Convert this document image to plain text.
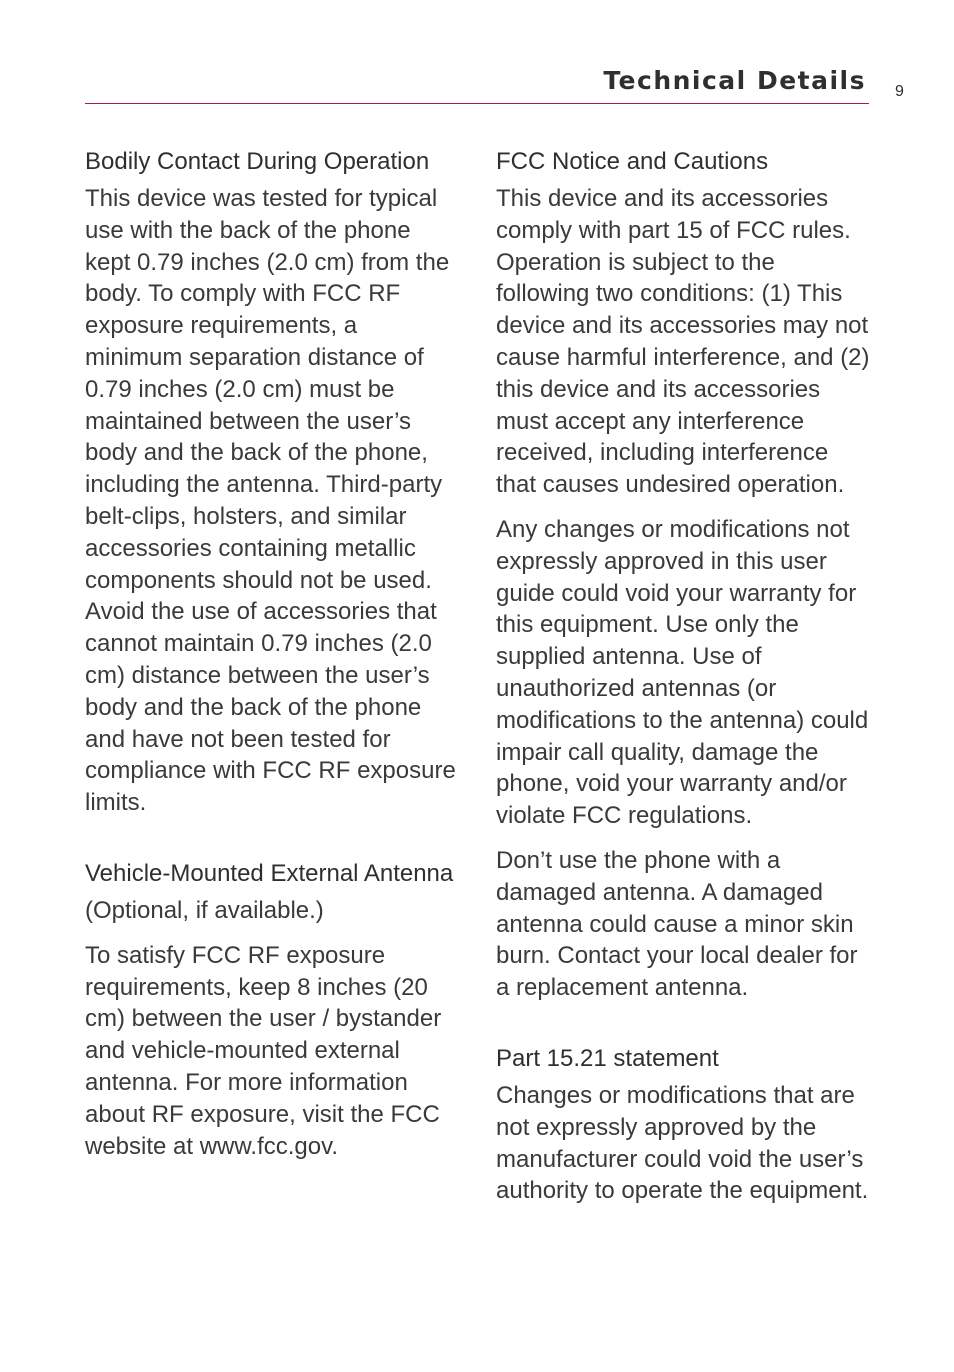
Technical Details 9
Bodily Contact During Operation

This device was tested for typical use with the back of the phone kept 0.79 inches (2.0 cm) from the body. To comply with FCC RF exposure requirements, a minimum separation distance of 0.79 inches (2.0 cm) must be maintained between the user’s body and the back of the phone, including the antenna. Third-party belt-clips, holsters, and similar accessories containing metallic components should not be used. Avoid the use of accessories that cannot maintain 0.79 inches (2.0 cm) distance between the user’s body and the back of the phone and have not been tested for compliance with FCC RF exposure limits.

Vehicle-Mounted External Antenna

(Optional, if available.)

To satisfy FCC RF exposure requirements, keep 8 inches (20 cm) between the user / bystander and vehicle-mounted external antenna. For more information about RF exposure, visit the FCC website at www.fcc.gov.

FCC Notice and Cautions

This device and its accessories comply with part 15 of FCC rules. Operation is subject to the following two conditions: (1) This device and its accessories may not cause harmful interference, and (2) this device and its accessories must accept any interference received, including interference that causes undesired operation.

Any changes or modifications not expressly approved in this user guide could void your warranty for this equipment. Use only the supplied antenna. Use of unauthorized antennas (or modifications to the antenna) could impair call quality, damage the phone, void your warranty and/or violate FCC regulations.

Don’t use the phone with a damaged antenna. A damaged antenna could cause a minor skin burn. Contact your local dealer for a replacement antenna.

Part 15.21 statement

Changes or modifications that are not expressly approved by the manufacturer could void the user’s authority to operate the equipment.
